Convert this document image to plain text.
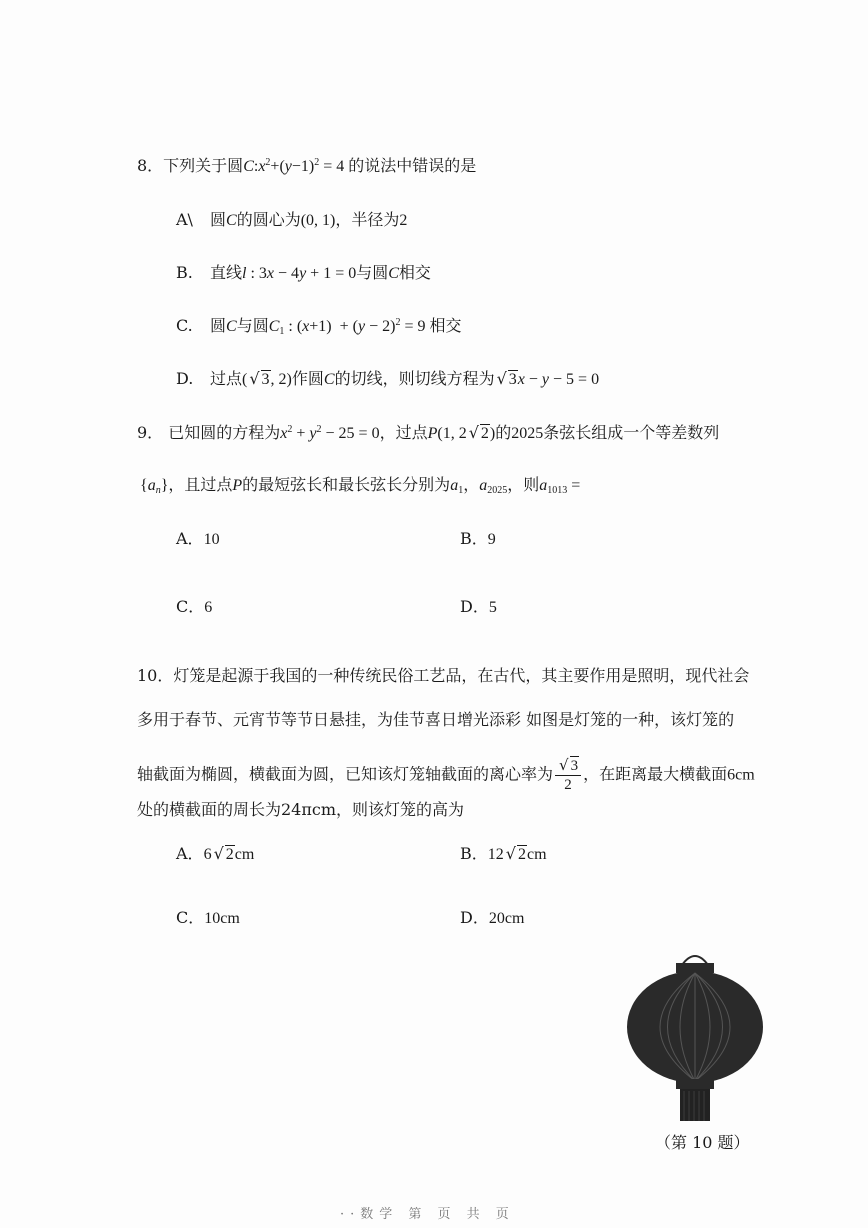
8．下列关于圆$C:x^2+(y-1)^2 = 4$ 的说法中错误的是
A\ 圆C的圆心为(0, 1)，半径为2
B. 直线l : 3x − 4y + 1 = 0与圆C相交
C. 圆C与圆$C_1$ : $(x+1) + (y - 2)^2 = 9$ 相交
D. 过点( √ 3, 2)作圆C的切线，则切线方程为 √ 3x − y − 5 = 0
9． 已知圆的方程为$x^2 + y^2 - 25 = 0$，过点P(1, 2 √ 2)的2025条弦长组成一个等差数列
$\{a_n\}$，且过点P的最短弦长和最长弦长分别为$a_1$，$a_{2025}$，则$a_{1013}$ =
A．10	B．9
C．6	D．5
10．灯笼是起源于我国的一种传统民俗工艺品，在古代，其主要作用是照明，现代社会
多用于春节、元宵节等节日悬挂，为佳节喜日增光添彩 如图是灯笼的一种，该灯笼的
轴截面为椭圆，横截面为圆，已知该灯笼轴截面的离心率为 $\frac{√ 3}{2}$ ，在距离最大横截面6cm
处的横截面的周长为24πcm，则该灯笼的高为
A．6 √ 2cm	B．12 √ 2cm
C．10cm	D．20cm
（第 10 题）
··数学 第 页 共 页
